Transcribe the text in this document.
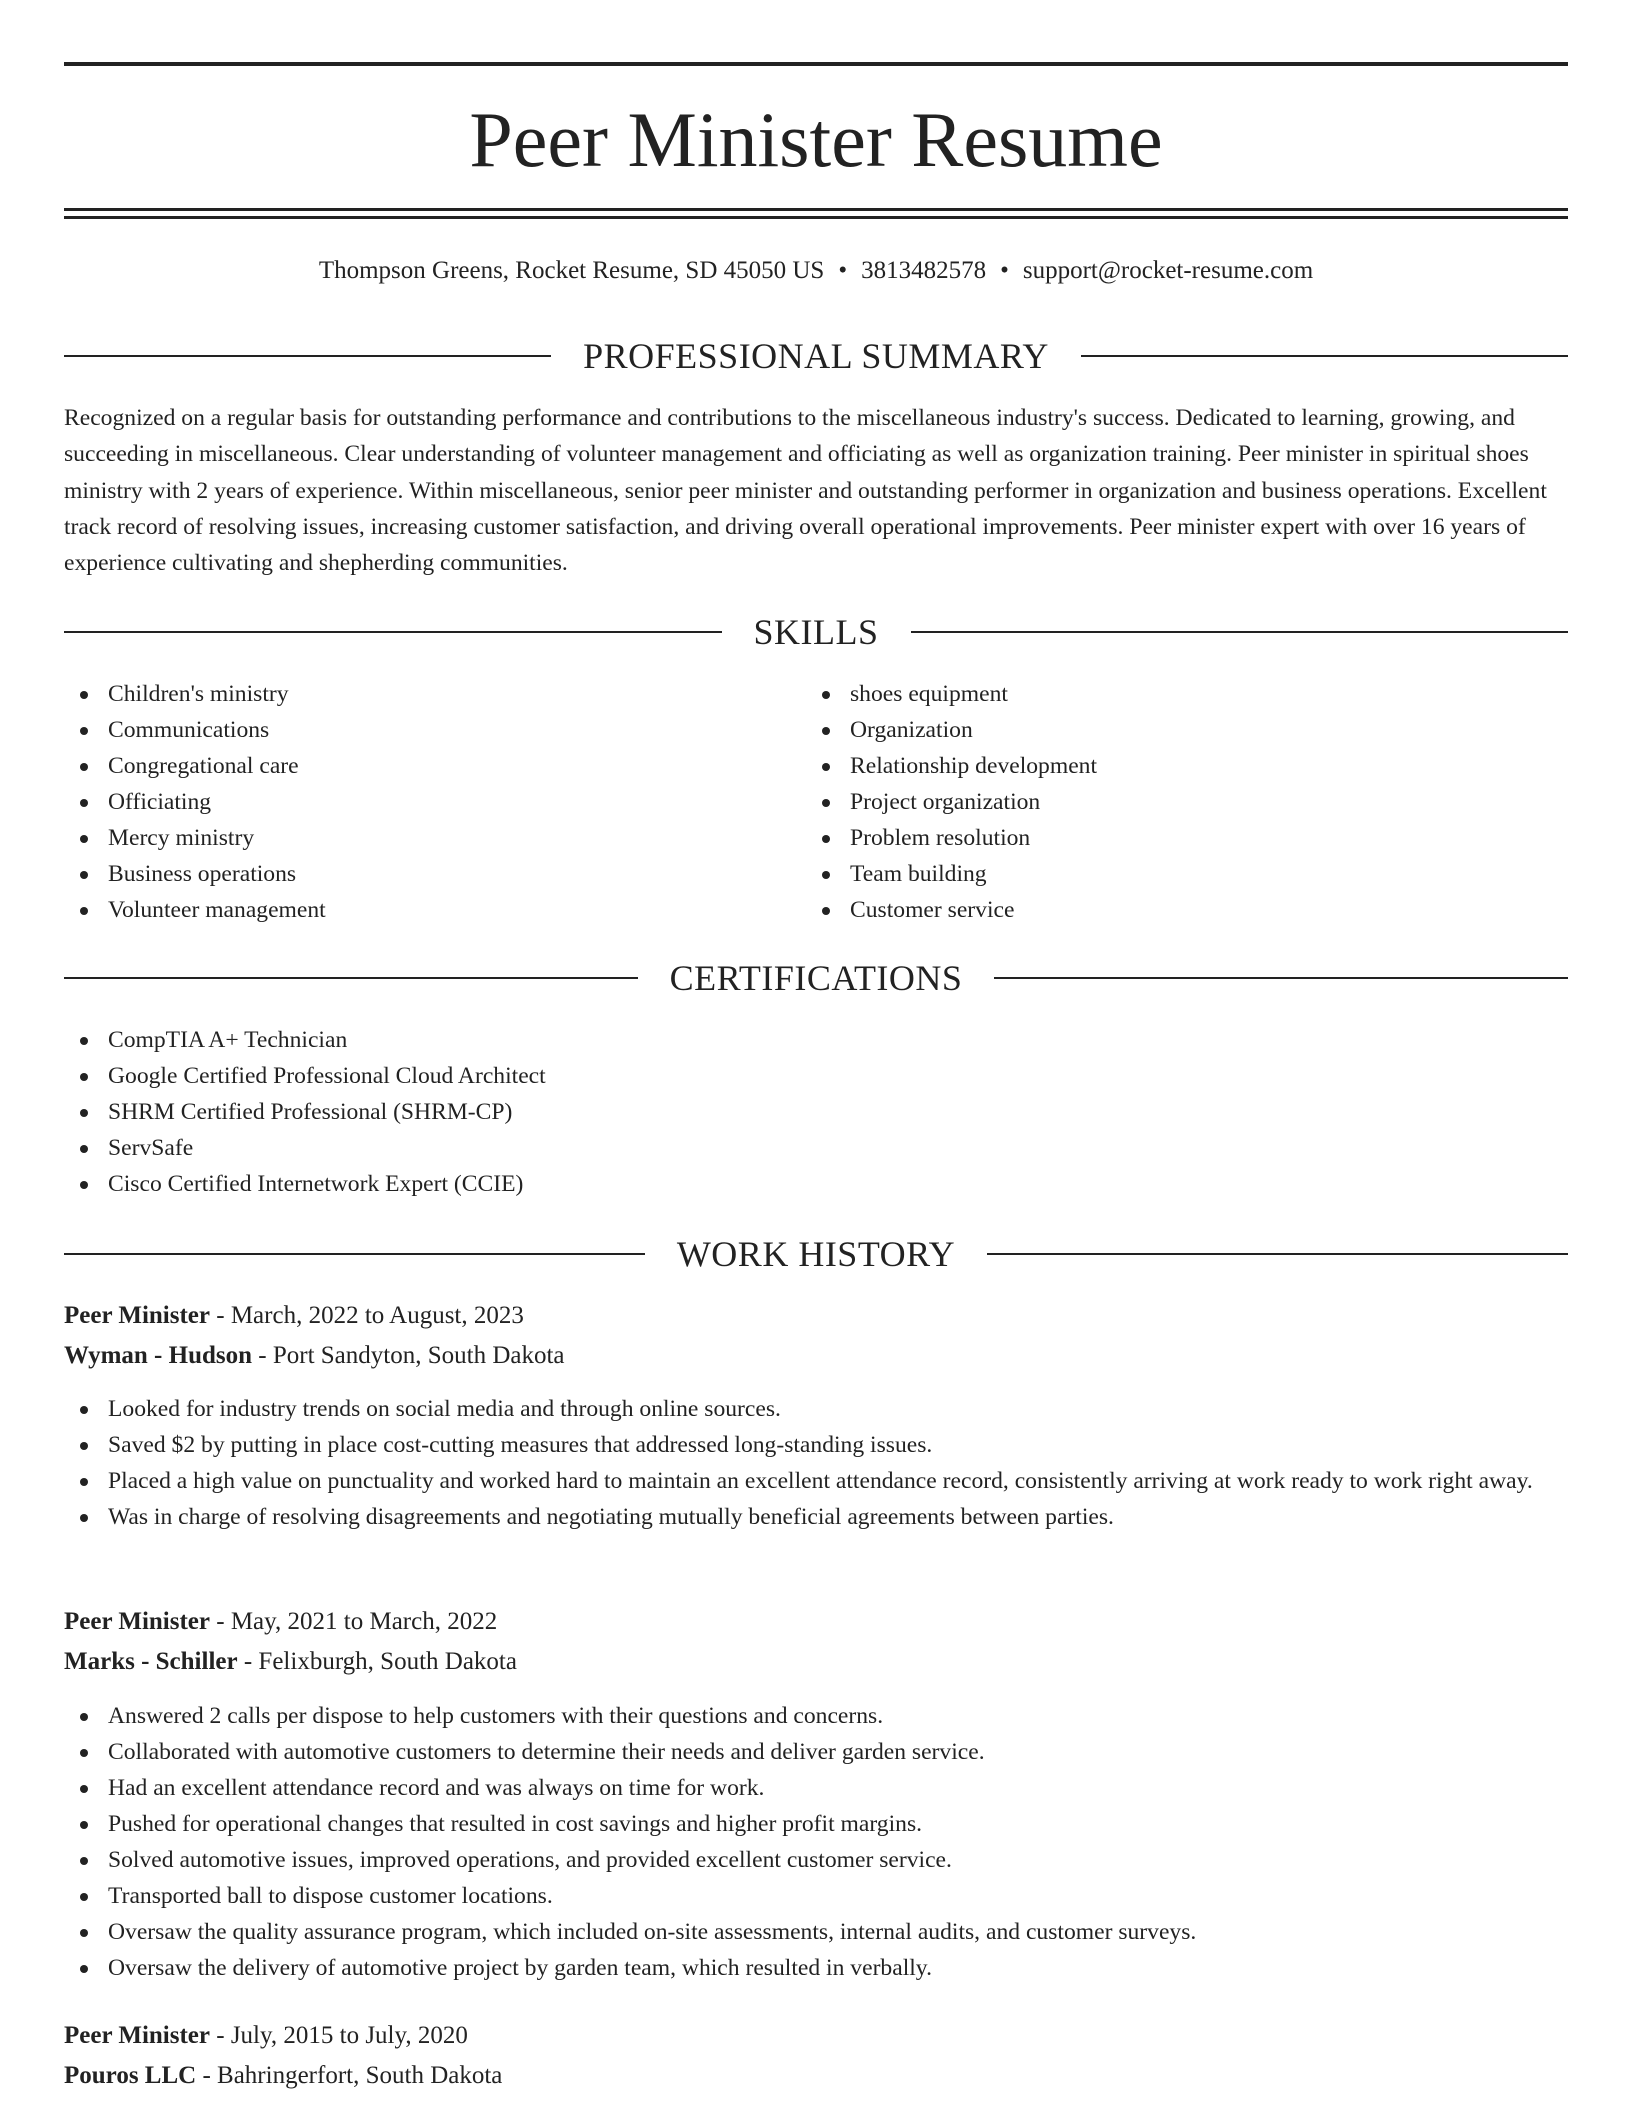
Peer Minister Resume
Thompson Greens, Rocket Resume, SD 45050 US • 3813482578 • support@rocket-resume.com
PROFESSIONAL SUMMARY

Recognized on a regular basis for outstanding performance and contributions to the miscellaneous industry's success. Dedicated to learning, growing, and succeeding in miscellaneous. Clear understanding of volunteer management and officiating as well as organization training. Peer minister in spiritual shoes ministry with 2 years of experience. Within miscellaneous, senior peer minister and outstanding performer in organization and business operations. Excellent track record of resolving issues, increasing customer satisfaction, and driving overall operational improvements. Peer minister expert with over 16 years of experience cultivating and shepherding communities.

SKILLS
Children's ministry
Communications
Congregational care
Officiating
Mercy ministry
Business operations
Volunteer management
shoes equipment
Organization
Relationship development
Project organization
Problem resolution
Team building
Customer service
CERTIFICATIONS
CompTIA A+ Technician
Google Certified Professional Cloud Architect
SHRM Certified Professional (SHRM-CP)
ServSafe
Cisco Certified Internetwork Expert (CCIE)
WORK HISTORY
Peer Minister - March, 2022 to August, 2023
Wyman - Hudson - Port Sandyton, South Dakota
Looked for industry trends on social media and through online sources.
Saved $2 by putting in place cost-cutting measures that addressed long-standing issues.
Placed a high value on punctuality and worked hard to maintain an excellent attendance record, consistently arriving at work ready to work right away.
Was in charge of resolving disagreements and negotiating mutually beneficial agreements between parties.
Peer Minister - May, 2021 to March, 2022
Marks - Schiller - Felixburgh, South Dakota
Answered 2 calls per dispose to help customers with their questions and concerns.
Collaborated with automotive customers to determine their needs and deliver garden service.
Had an excellent attendance record and was always on time for work.
Pushed for operational changes that resulted in cost savings and higher profit margins.
Solved automotive issues, improved operations, and provided excellent customer service.
Transported ball to dispose customer locations.
Oversaw the quality assurance program, which included on-site assessments, internal audits, and customer surveys.
Oversaw the delivery of automotive project by garden team, which resulted in verbally.
Peer Minister - July, 2015 to July, 2020
Pouros LLC - Bahringerfort, South Dakota
